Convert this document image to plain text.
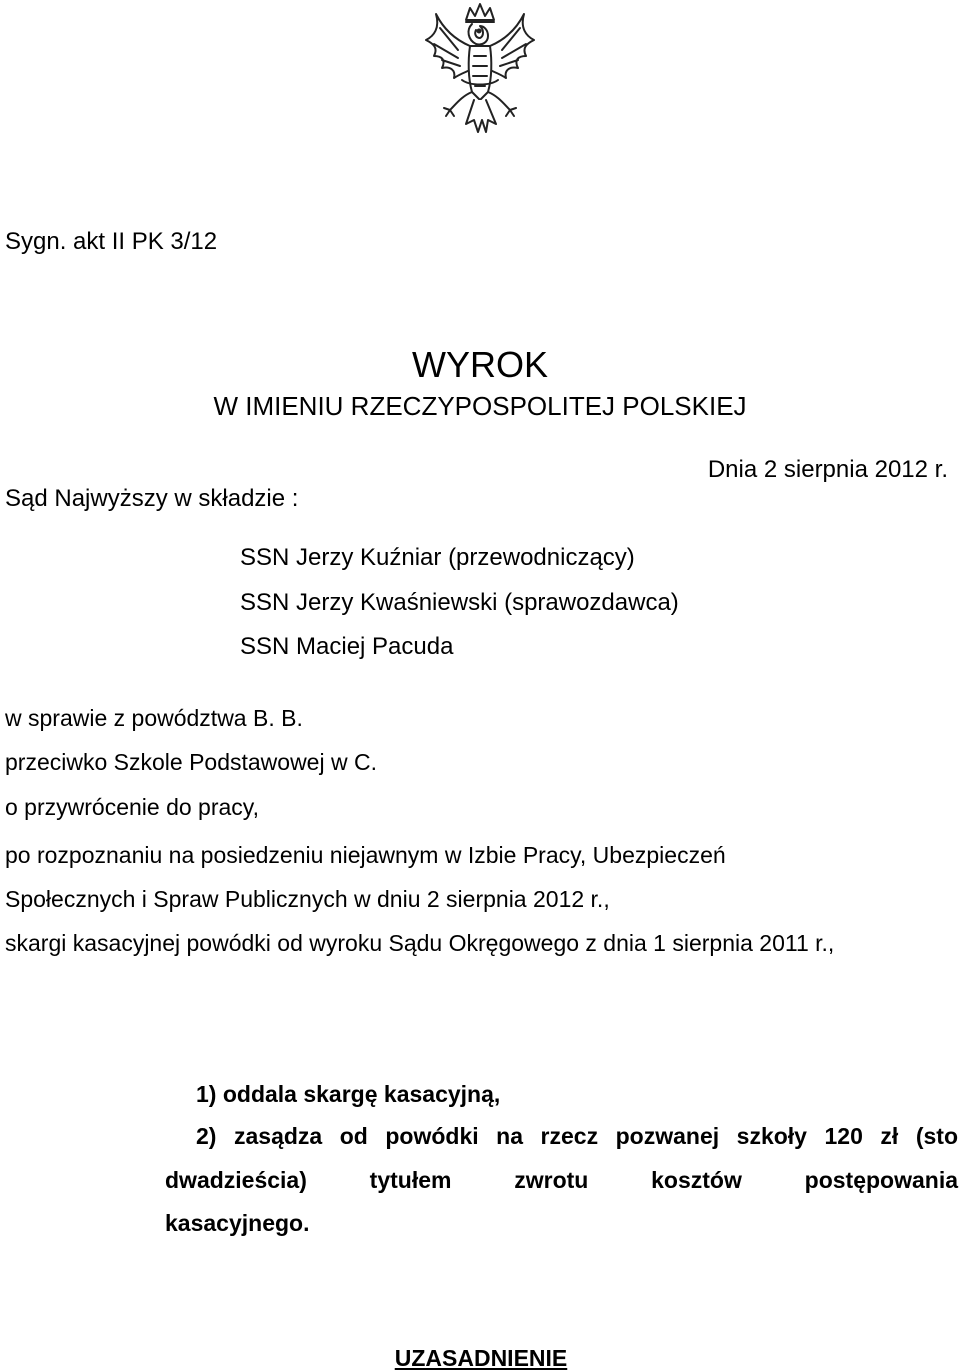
Sygn. akt II PK 3/12
WYROK
W IMIENIU RZECZYPOSPOLITEJ POLSKIEJ
Dnia 2 sierpnia 2012 r.
Sąd Najwyższy w składzie :
SSN Jerzy Kuźniar (przewodniczący)
SSN Jerzy Kwaśniewski (sprawozdawca)
SSN Maciej Pacuda
w sprawie z powództwa B. B.
przeciwko Szkole Podstawowej w C.
o przywrócenie do pracy,
po rozpoznaniu na posiedzeniu niejawnym w Izbie Pracy, Ubezpieczeń
Społecznych i Spraw Publicznych w dniu 2 sierpnia 2012 r.,
skargi kasacyjnej powódki od wyroku Sądu Okręgowego z dnia 1 sierpnia 2011 r.,
1) oddala skargę kasacyjną,
2) zasądza od powódki na rzecz pozwanej szkoły 120 zł (sto
dwadzieścia) tytułem zwrotu kosztów postępowania
kasacyjnego.
UZASADNIENIE
